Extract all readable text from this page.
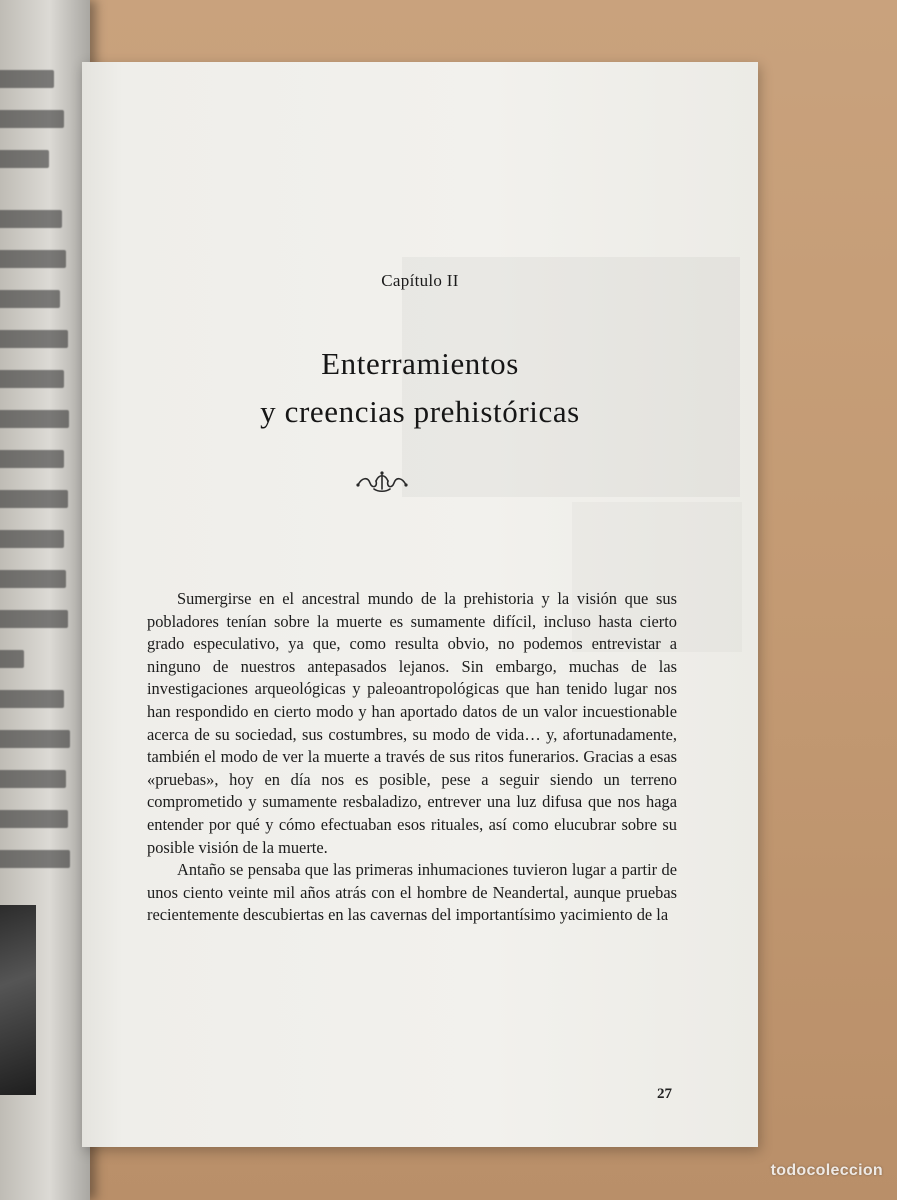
Capítulo II
Enterramientos
y creencias prehistóricas

Sumergirse en el ancestral mundo de la prehistoria y la visión que sus pobladores tenían sobre la muerte es sumamente difícil, incluso hasta cierto grado especulativo, ya que, como resulta obvio, no podemos entrevistar a ninguno de nuestros antepasados lejanos. Sin embargo, muchas de las investigaciones arqueológicas y paleoantropológicas que han tenido lugar nos han respondido en cierto modo y han aportado datos de un valor incuestionable acerca de su sociedad, sus costumbres, su modo de vida… y, afortunadamente, también el modo de ver la muerte a través de sus ritos funerarios. Gracias a esas «pruebas», hoy en día nos es posible, pese a seguir siendo un terreno comprometido y sumamente resbaladizo, entrever una luz difusa que nos haga entender por qué y cómo efectuaban esos rituales, así como elucubrar sobre su posible visión de la muerte.

Antaño se pensaba que las primeras inhumaciones tuvieron lugar a partir de unos ciento veinte mil años atrás con el hombre de Neandertal, aunque pruebas recientemente descubiertas en las cavernas del importantísimo yacimiento de la

27
todocoleccion
